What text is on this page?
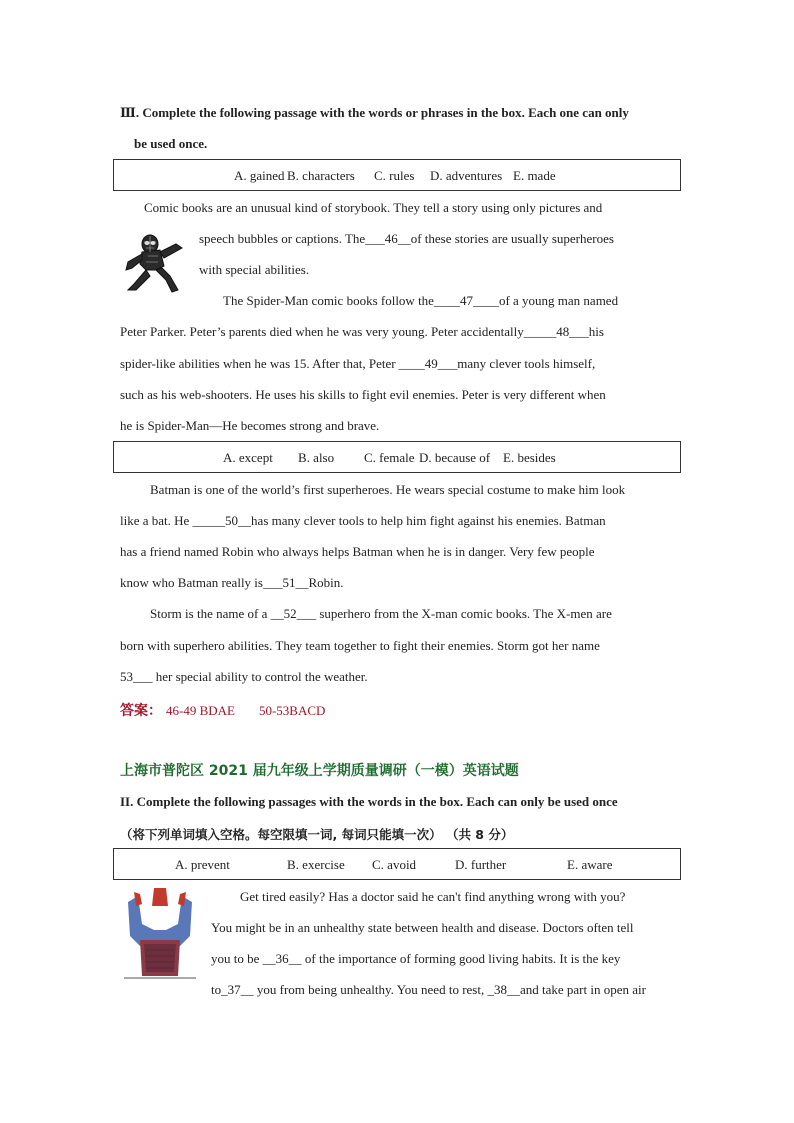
Ⅲ. Complete the following passage with the words or phrases in the box. Each one can only
be used once.
A. gained B. characters C. rules D. adventures E. made
Comic books are an unusual kind of storybook. They tell a story using only pictures and
speech bubbles or captions. The___46__of these stories are usually superheroes
with special abilities.
The Spider-Man comic books follow the____47____of a young man named
Peter Parker. Peter’s parents died when he was very young. Peter accidentally_____48___his
spider-like abilities when he was 15. After that, Peter ____49___many clever tools himself,
such as his web-shooters. He uses his skills to fight evil enemies. Peter is very different when
he is Spider-Man—He becomes strong and brave.
A. except B. also C. female D. because of E. besides
Batman is one of the world’s first superheroes. He wears special costume to make him look
like a bat. He _____50__has many clever tools to help him fight against his enemies. Batman
has a friend named Robin who always helps Batman when he is in danger. Very few people
know who Batman really is___51__Robin.
Storm is the name of a __52___ superhero from the X-man comic books. The X-men are
born with superhero abilities. They team together to fight their enemies. Storm got her name
53___ her special ability to control the weather.
答案： 46-49 BDAE 50-53BACD
上海市普陀区 2021 届九年级上学期质量调研（一模）英语试题
II. Complete the following passages with the words in the box. Each can only be used once
（将下列单词填入空格。每空限填一词, 每词只能填一次） （共 8 分）
A. prevent	B. exercise C. avoid	D. further	E. aware
Get tired easily? Has a doctor said he can't find anything wrong with you?
You might be in an unhealthy state between health and disease. Doctors often tell
you to be __36__ of the importance of forming good living habits. It is the key
to_37__ you from being unhealthy. You need to rest, _38__and take part in open air
